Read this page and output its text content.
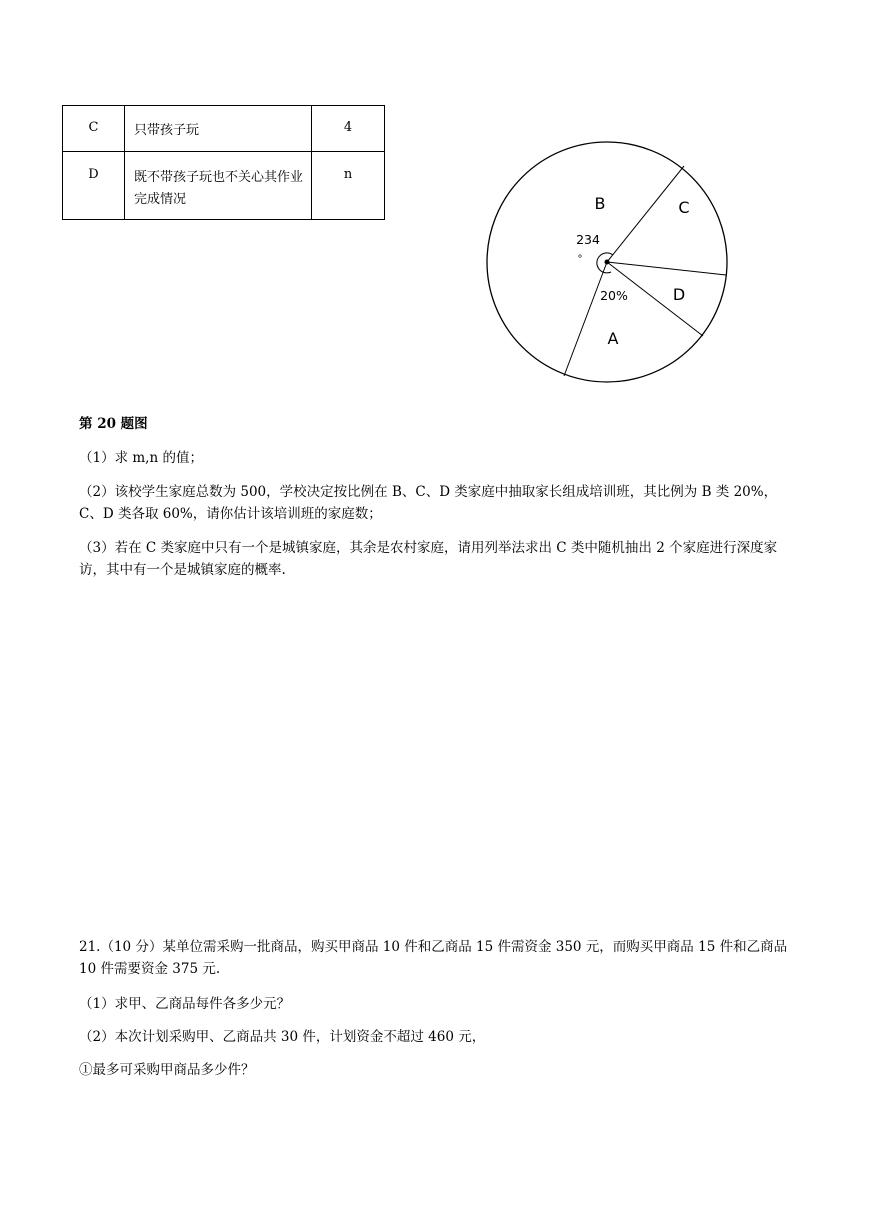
C	只带孩子玩	4
D	既不带孩子玩也不关心其作业完成情况	n
B	C
D
A
234
°
20%
第 20 题图
（1）求 m,n 的值；
（2）该校学生家庭总数为 500，学校决定按比例在 B、C、D 类家庭中抽取家长组成培训班，其比例为 B 类 20%，C、D 类各取 60%，请你估计该培训班的家庭数；
（3）若在 C 类家庭中只有一个是城镇家庭，其余是农村家庭，请用列举法求出 C 类中随机抽出 2 个家庭进行深度家访，其中有一个是城镇家庭的概率.
21.（10 分）某单位需采购一批商品，购买甲商品 10 件和乙商品 15 件需资金 350 元，而购买甲商品 15 件和乙商品 10 件需要资金 375 元.
（1）求甲、乙商品每件各多少元？
（2）本次计划采购甲、乙商品共 30 件，计划资金不超过 460 元，
①最多可采购甲商品多少件？
